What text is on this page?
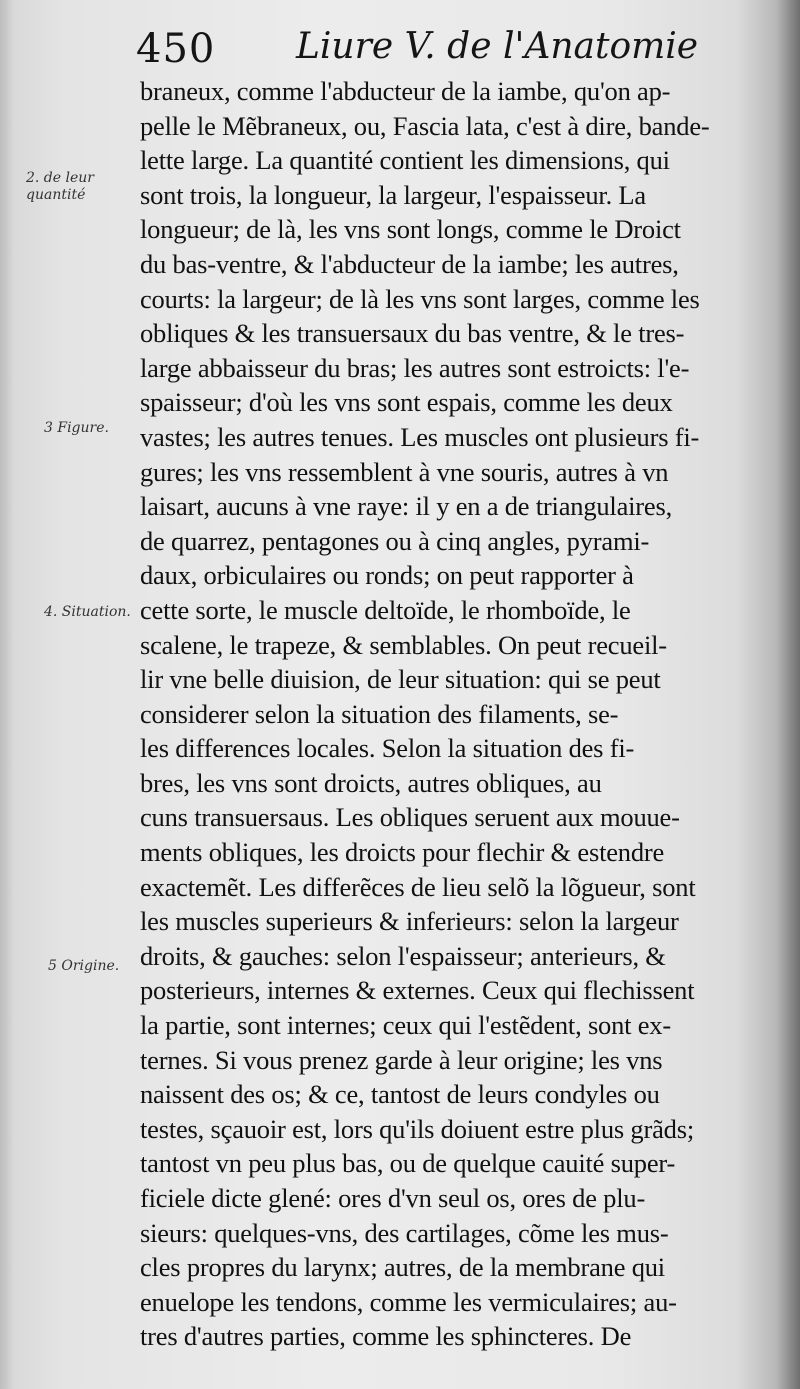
450 Liure V. de l'Anatomie
2. de leur quantité
3 Figure.
4. Situation.
5 Origine.
braneux, comme l'abducteur de la iambe, qu'on ap-
pelle le Mẽbraneux, ou, Fascia lata, c'est à dire, bande-
lette large. La quantité contient les dimensions, qui
sont trois, la longueur, la largeur, l'espaisseur. La
longueur; de là, les vns sont longs, comme le Droict
du bas-ventre, & l'abducteur de la iambe; les autres,
courts: la largeur; de là les vns sont larges, comme les
obliques & les transuersaux du bas ventre, & le tres-
large abbaisseur du bras; les autres sont estroicts: l'e-
spaisseur; d'où les vns sont espais, comme les deux
vastes; les autres tenues. Les muscles ont plusieurs fi-
gures; les vns ressemblent à vne souris, autres à vn
laisart, aucuns à vne raye: il y en a de triangulaires,
de quarrez, pentagones ou à cinq angles, pyrami-
daux, orbiculaires ou ronds; on peut rapporter à
cette sorte, le muscle deltoïde, le rhomboïde, le
scalene, le trapeze, & semblables. On peut recueil-
lir vne belle diuision, de leur situation: qui se peut
considerer selon la situation des filaments, se-
les differences locales. Selon la situation des fi-
bres, les vns sont droicts, autres obliques, au
cuns transuersaus. Les obliques seruent aux mouue-
ments obliques, les droicts pour flechir & estendre
exactemẽt. Les differẽces de lieu selõ la lõgueur, sont
les muscles superieurs & inferieurs: selon la largeur
droits, & gauches: selon l'espaisseur; anterieurs, &
posterieurs, internes & externes. Ceux qui flechissent
la partie, sont internes; ceux qui l'estẽdent, sont ex-
ternes. Si vous prenez garde à leur origine; les vns
naissent des os; & ce, tantost de leurs condyles ou
testes, sçauoir est, lors qu'ils doiuent estre plus grãds;
tantost vn peu plus bas, ou de quelque cauité super-
ficiele dicte glené: ores d'vn seul os, ores de plu-
sieurs: quelques-vns, des cartilages, cõme les mus-
cles propres du larynx; autres, de la membrane qui
enuelope les tendons, comme les vermiculaires; au-
tres d'autres parties, comme les sphincteres. De
